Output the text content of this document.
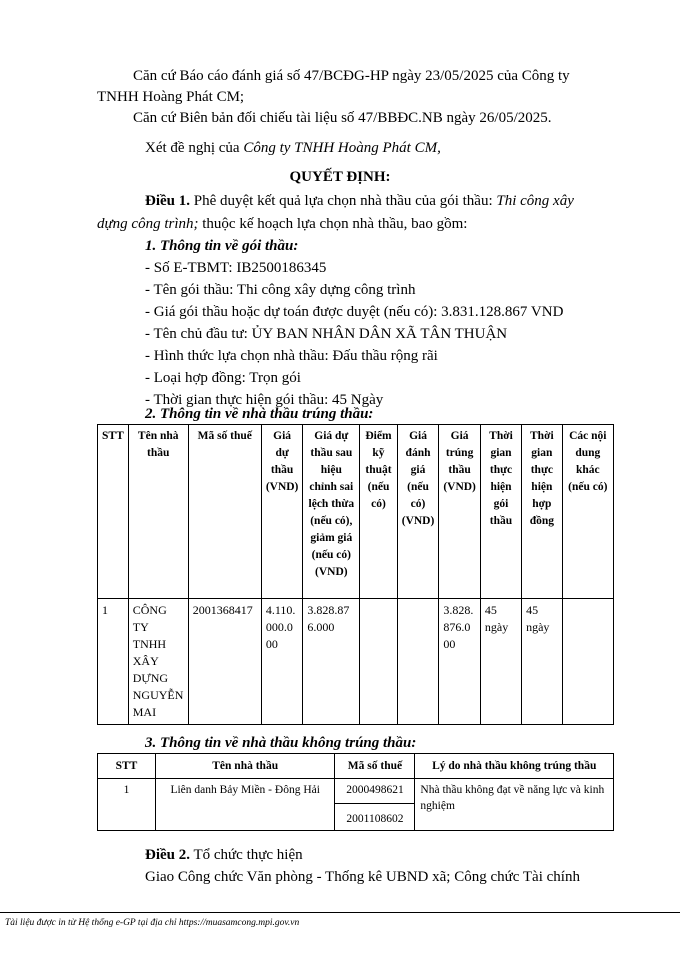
Căn cứ Báo cáo đánh giá số 47/BCĐG-HP ngày 23/05/2025 của Công ty
TNHH Hoàng Phát CM;
Căn cứ Biên bản đối chiếu tài liệu số 47/BBĐC.NB ngày 26/05/2025.
Xét đề nghị của Công ty TNHH Hoàng Phát CM,
QUYẾT ĐỊNH:
Điều 1. Phê duyệt kết quả lựa chọn nhà thầu của gói thầu: Thi công xây
dựng công trình; thuộc kế hoạch lựa chọn nhà thầu, bao gồm:
1. Thông tin về gói thầu:
- Số E-TBMT: IB2500186345
- Tên gói thầu: Thi công xây dựng công trình
- Giá gói thầu hoặc dự toán được duyệt (nếu có): 3.831.128.867 VND
- Tên chủ đầu tư: ỦY BAN NHÂN DÂN XÃ TÂN THUẬN
- Hình thức lựa chọn nhà thầu: Đấu thầu rộng rãi
- Loại hợp đồng: Trọn gói
- Thời gian thực hiện gói thầu: 45 Ngày
2. Thông tin về nhà thầu trúng thầu:
STT	Tên nhà thầu	Mã số thuế	Giá dự thầu (VND)	Giá dự thầu sau hiệu chỉnh sai lệch thừa (nếu có), giảm giá (nếu có) (VND)	Điểm kỹ thuật (nếu có)	Giá đánh giá (nếu có) (VND)	Giá trúng thầu (VND)	Thời gian thực hiện gói thầu	Thời gian thực hiện hợp đồng	Các nội dung khác (nếu có)
1	CÔNG TY TNHH XÂY DỰNG NGUYỄN MAI	2001368417	4.110.000.000	3.828.876.000			3.828.876.000	45 ngày	45 ngày	
3. Thông tin về nhà thầu không trúng thầu:
STT	Tên nhà thầu	Mã số thuế	Lý do nhà thầu không trúng thầu
1	Liên danh Bảy Miền - Đông Hải	2000498621	Nhà thầu không đạt về năng lực và kinh nghiệm
		2001108602	
Điều 2. Tổ chức thực hiện
Giao Công chức Văn phòng - Thống kê UBND xã; Công chức Tài chính
Tài liệu được in từ Hệ thống e-GP tại địa chỉ https://muasamcong.mpi.gov.vn
